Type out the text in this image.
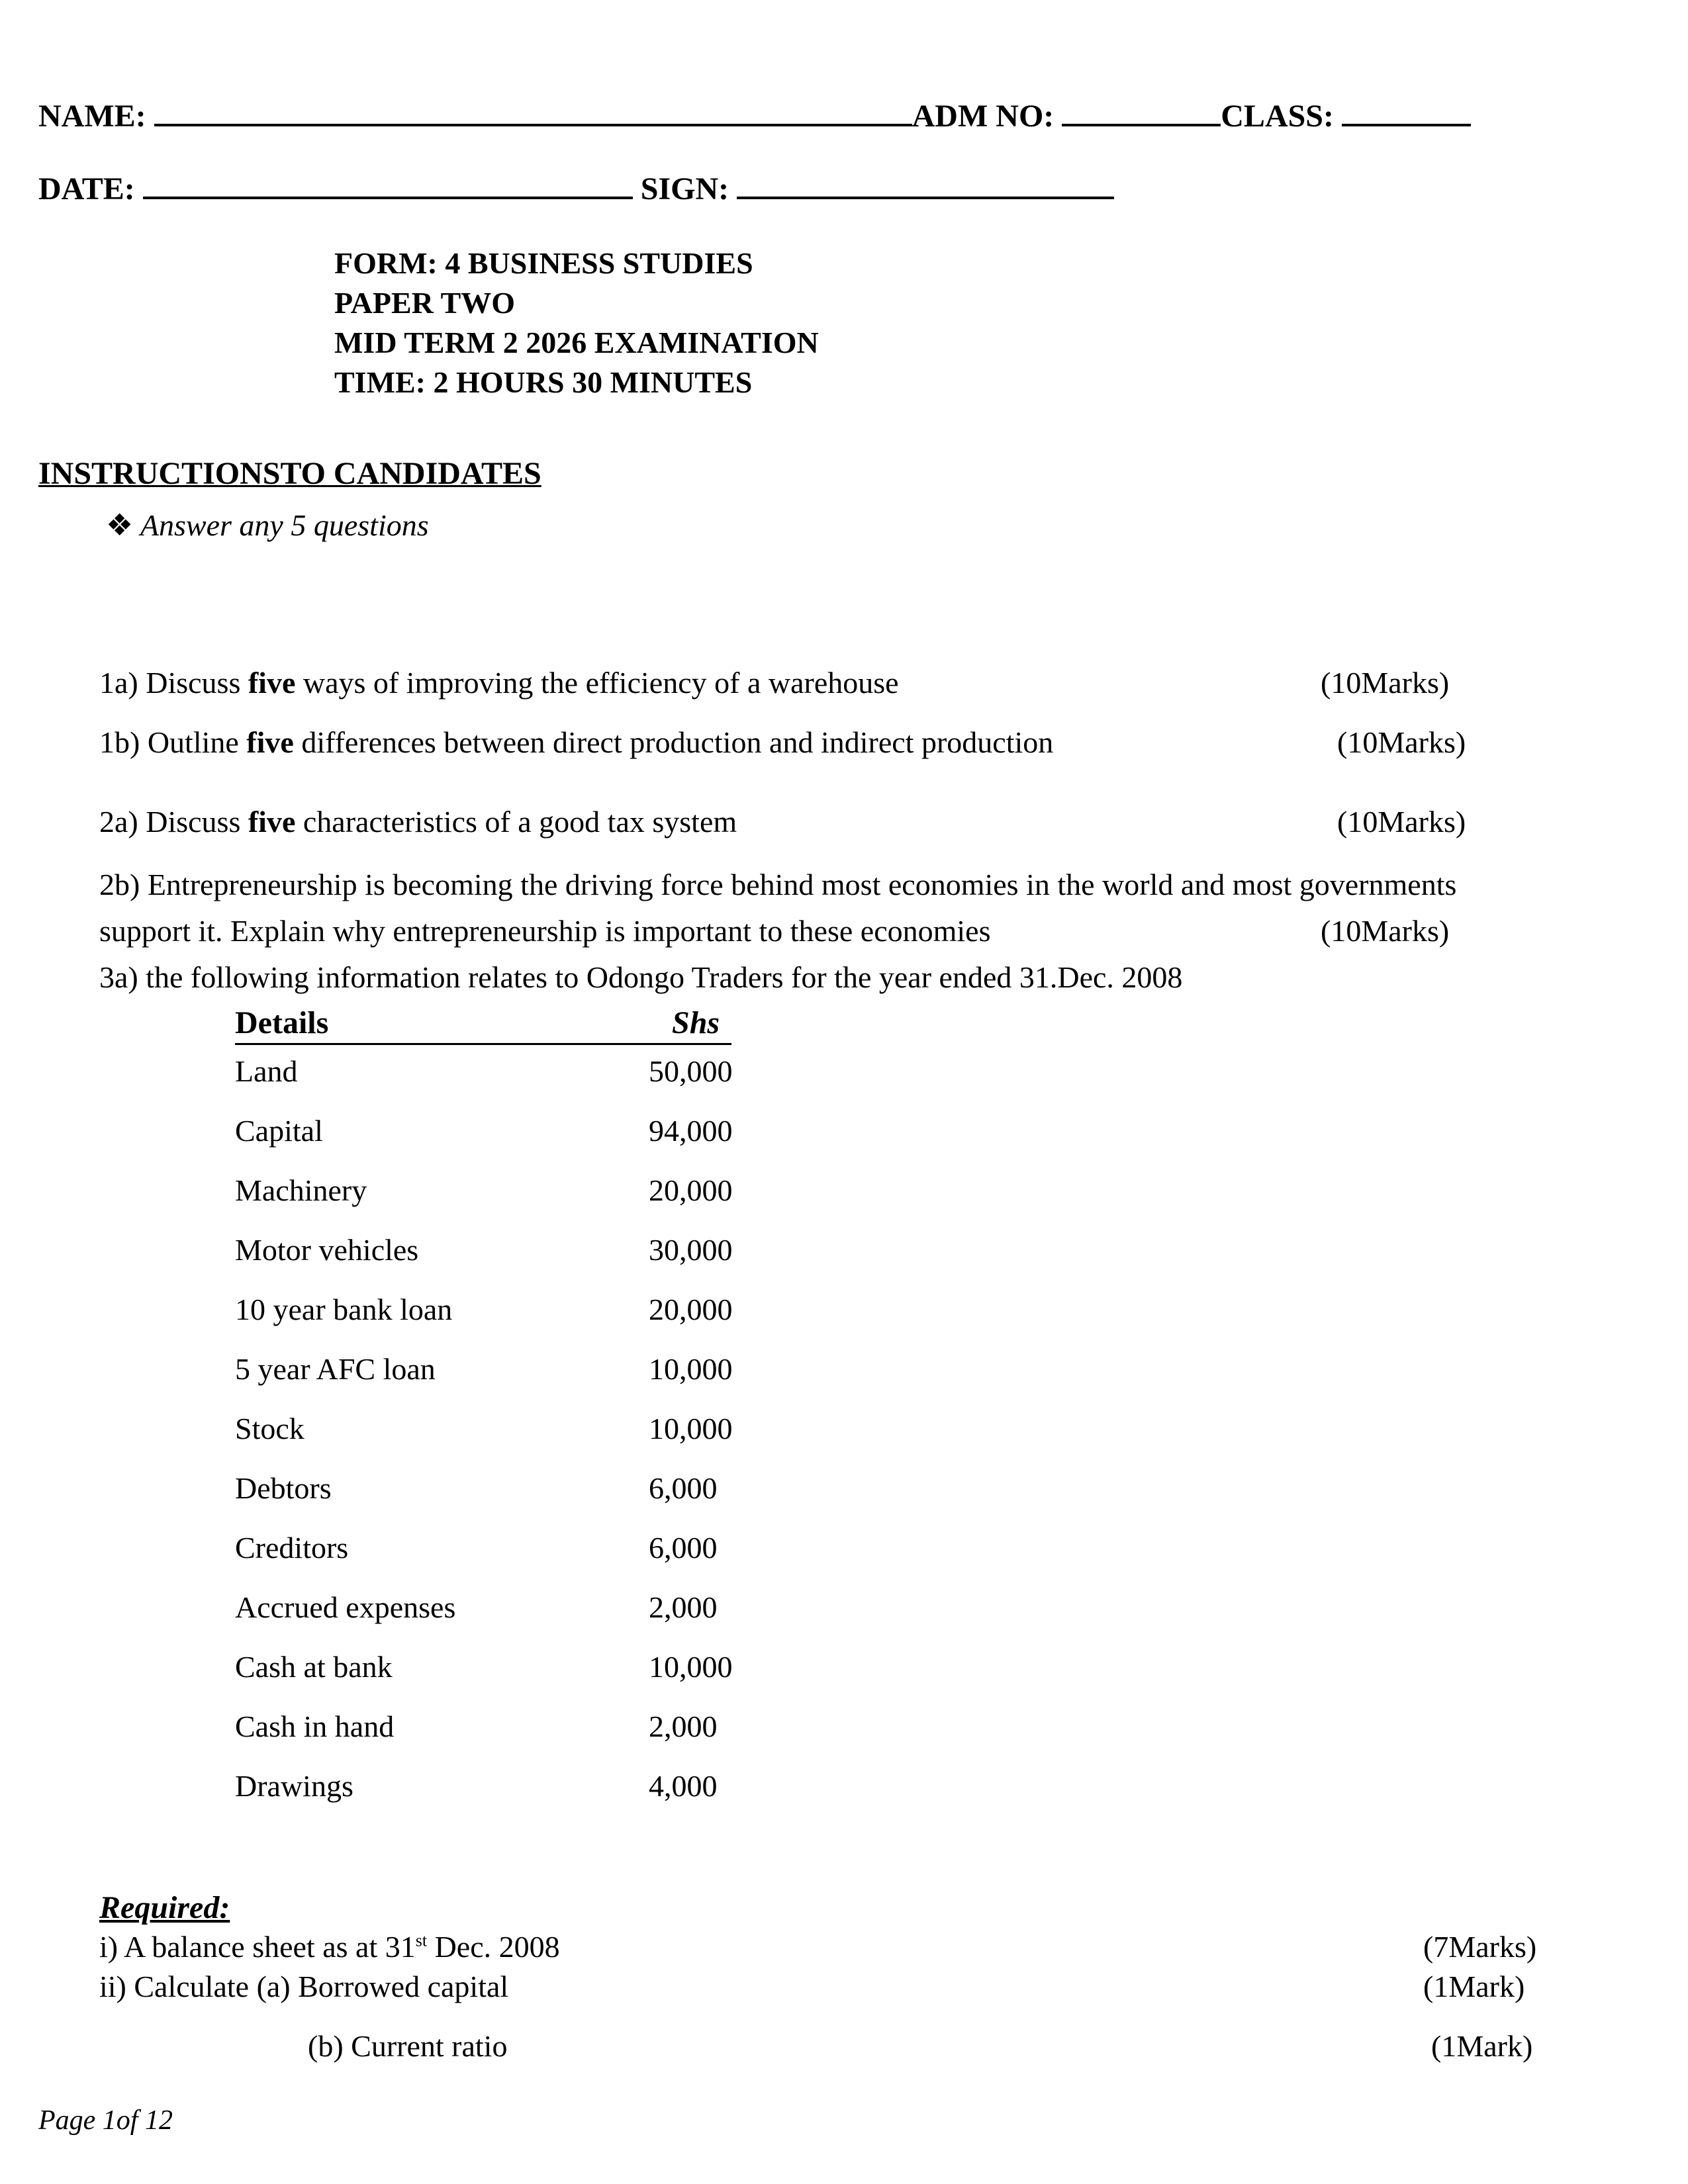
NAME:	ADM NO:	CLASS:
DATE:	SIGN:
FORM: 4 BUSINESS STUDIES
PAPER TWO
MID TERM 2 2026 EXAMINATION
TIME: 2 HOURS 30 MINUTES
INSTRUCTIONSTO CANDIDATES
❖ Answer any 5 questions
1a) Discuss five ways of improving the efficiency of a warehouse	(10Marks)
1b) Outline five differences between direct production and indirect production	(10Marks)
2a) Discuss five characteristics of a good tax system	(10Marks)
2b) Entrepreneurship is becoming the driving force behind most economies in the world and most governments
support it. Explain why entrepreneurship is important to these economies	(10Marks)
3a) the following information relates to Odongo Traders for the year ended 31.Dec. 2008
Details	Shs
Land	50,000
Capital	94,000
Machinery	20,000
Motor vehicles	30,000
10 year bank loan	20,000
5 year AFC loan	10,000
Stock	10,000
Debtors	6,000
Creditors	6,000
Accrued expenses	2,000
Cash at bank	10,000
Cash in hand	2,000
Drawings	4,000
Required:
i) A balance sheet as at 31st Dec. 2008	(7Marks)
ii) Calculate (a) Borrowed capital	(1Mark)
(b) Current ratio	(1Mark)
Page 1of 12
